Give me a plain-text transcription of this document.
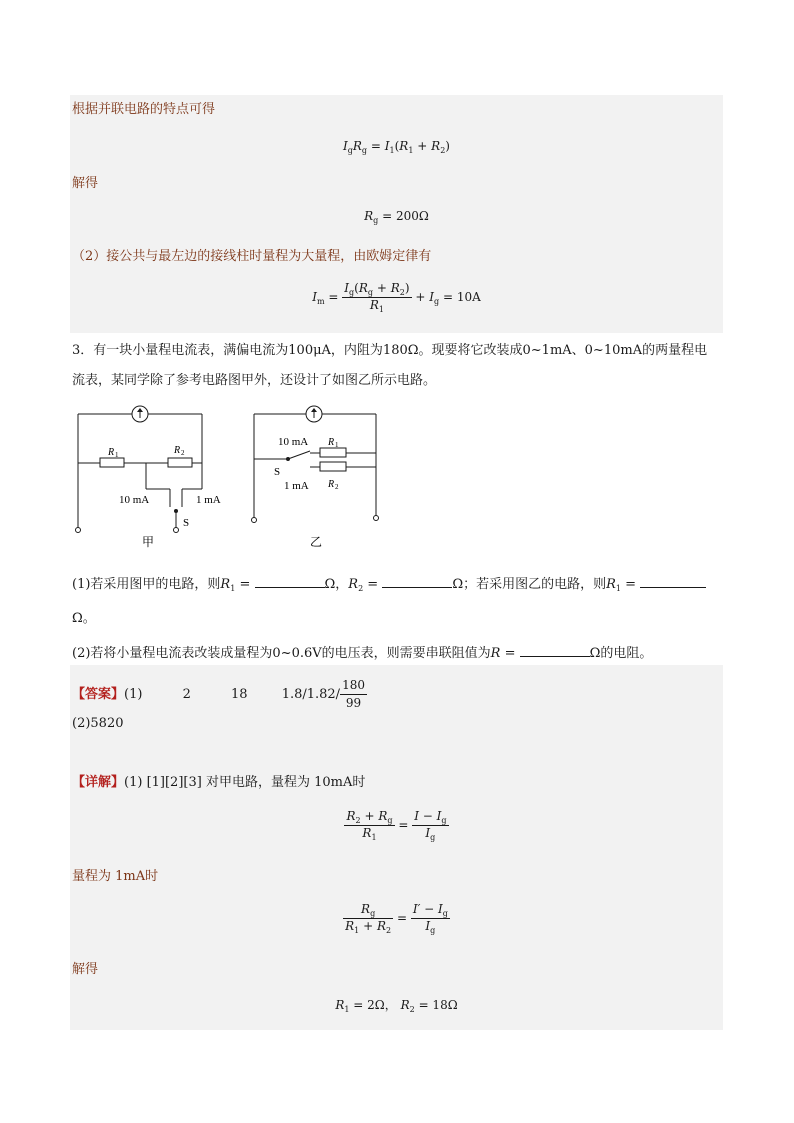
根据并联电路的特点可得
$I_gR_g = I_1(R_1 + R_2)$
解得
$R_g = 200\Omega$
（2）接公共与最左边的接线柱时量程为大量程，由欧姆定律有
$I_m = \frac{I_g(R_g + R_2)}{R_1} + I_g = 10A$
3．有一块小量程电流表，满偏电流为100μA，内阻为180Ω。现要将它改装成0~1mA、0~10mA的两量程电
流表，某同学除了参考电路图甲外，还设计了如图乙所示电路。
R 1	R 2
10 mA	1 mA
S
甲
10 mA R 1
S
1 mA R 2
乙
(1)若采用图甲的电路，则$R_1$ =	Ω，$R_2$ =	Ω；若采用图乙的电路，则$R_1$ =
Ω。
(2)若将小量程电流表改装成量程为0~0.6V的电压表，则需要串联阻值为R =	Ω的电阻。
【答案】(1)	2	18	$1.8/1.82/ \frac{180}{99}$
(2)5820
【详解】(1) [1][2][3] 对甲电路，量程为 10mA时
$\frac{R_2 + R_g}{R_1} = \frac{I - I_g}{I_g}$
量程为 1mA时
$\frac{R_g}{R_1 + R_2} = \frac{I' - I_g}{I_g}$
解得
$R_1 = 2\Omega$， $R_2 = 18\Omega$
